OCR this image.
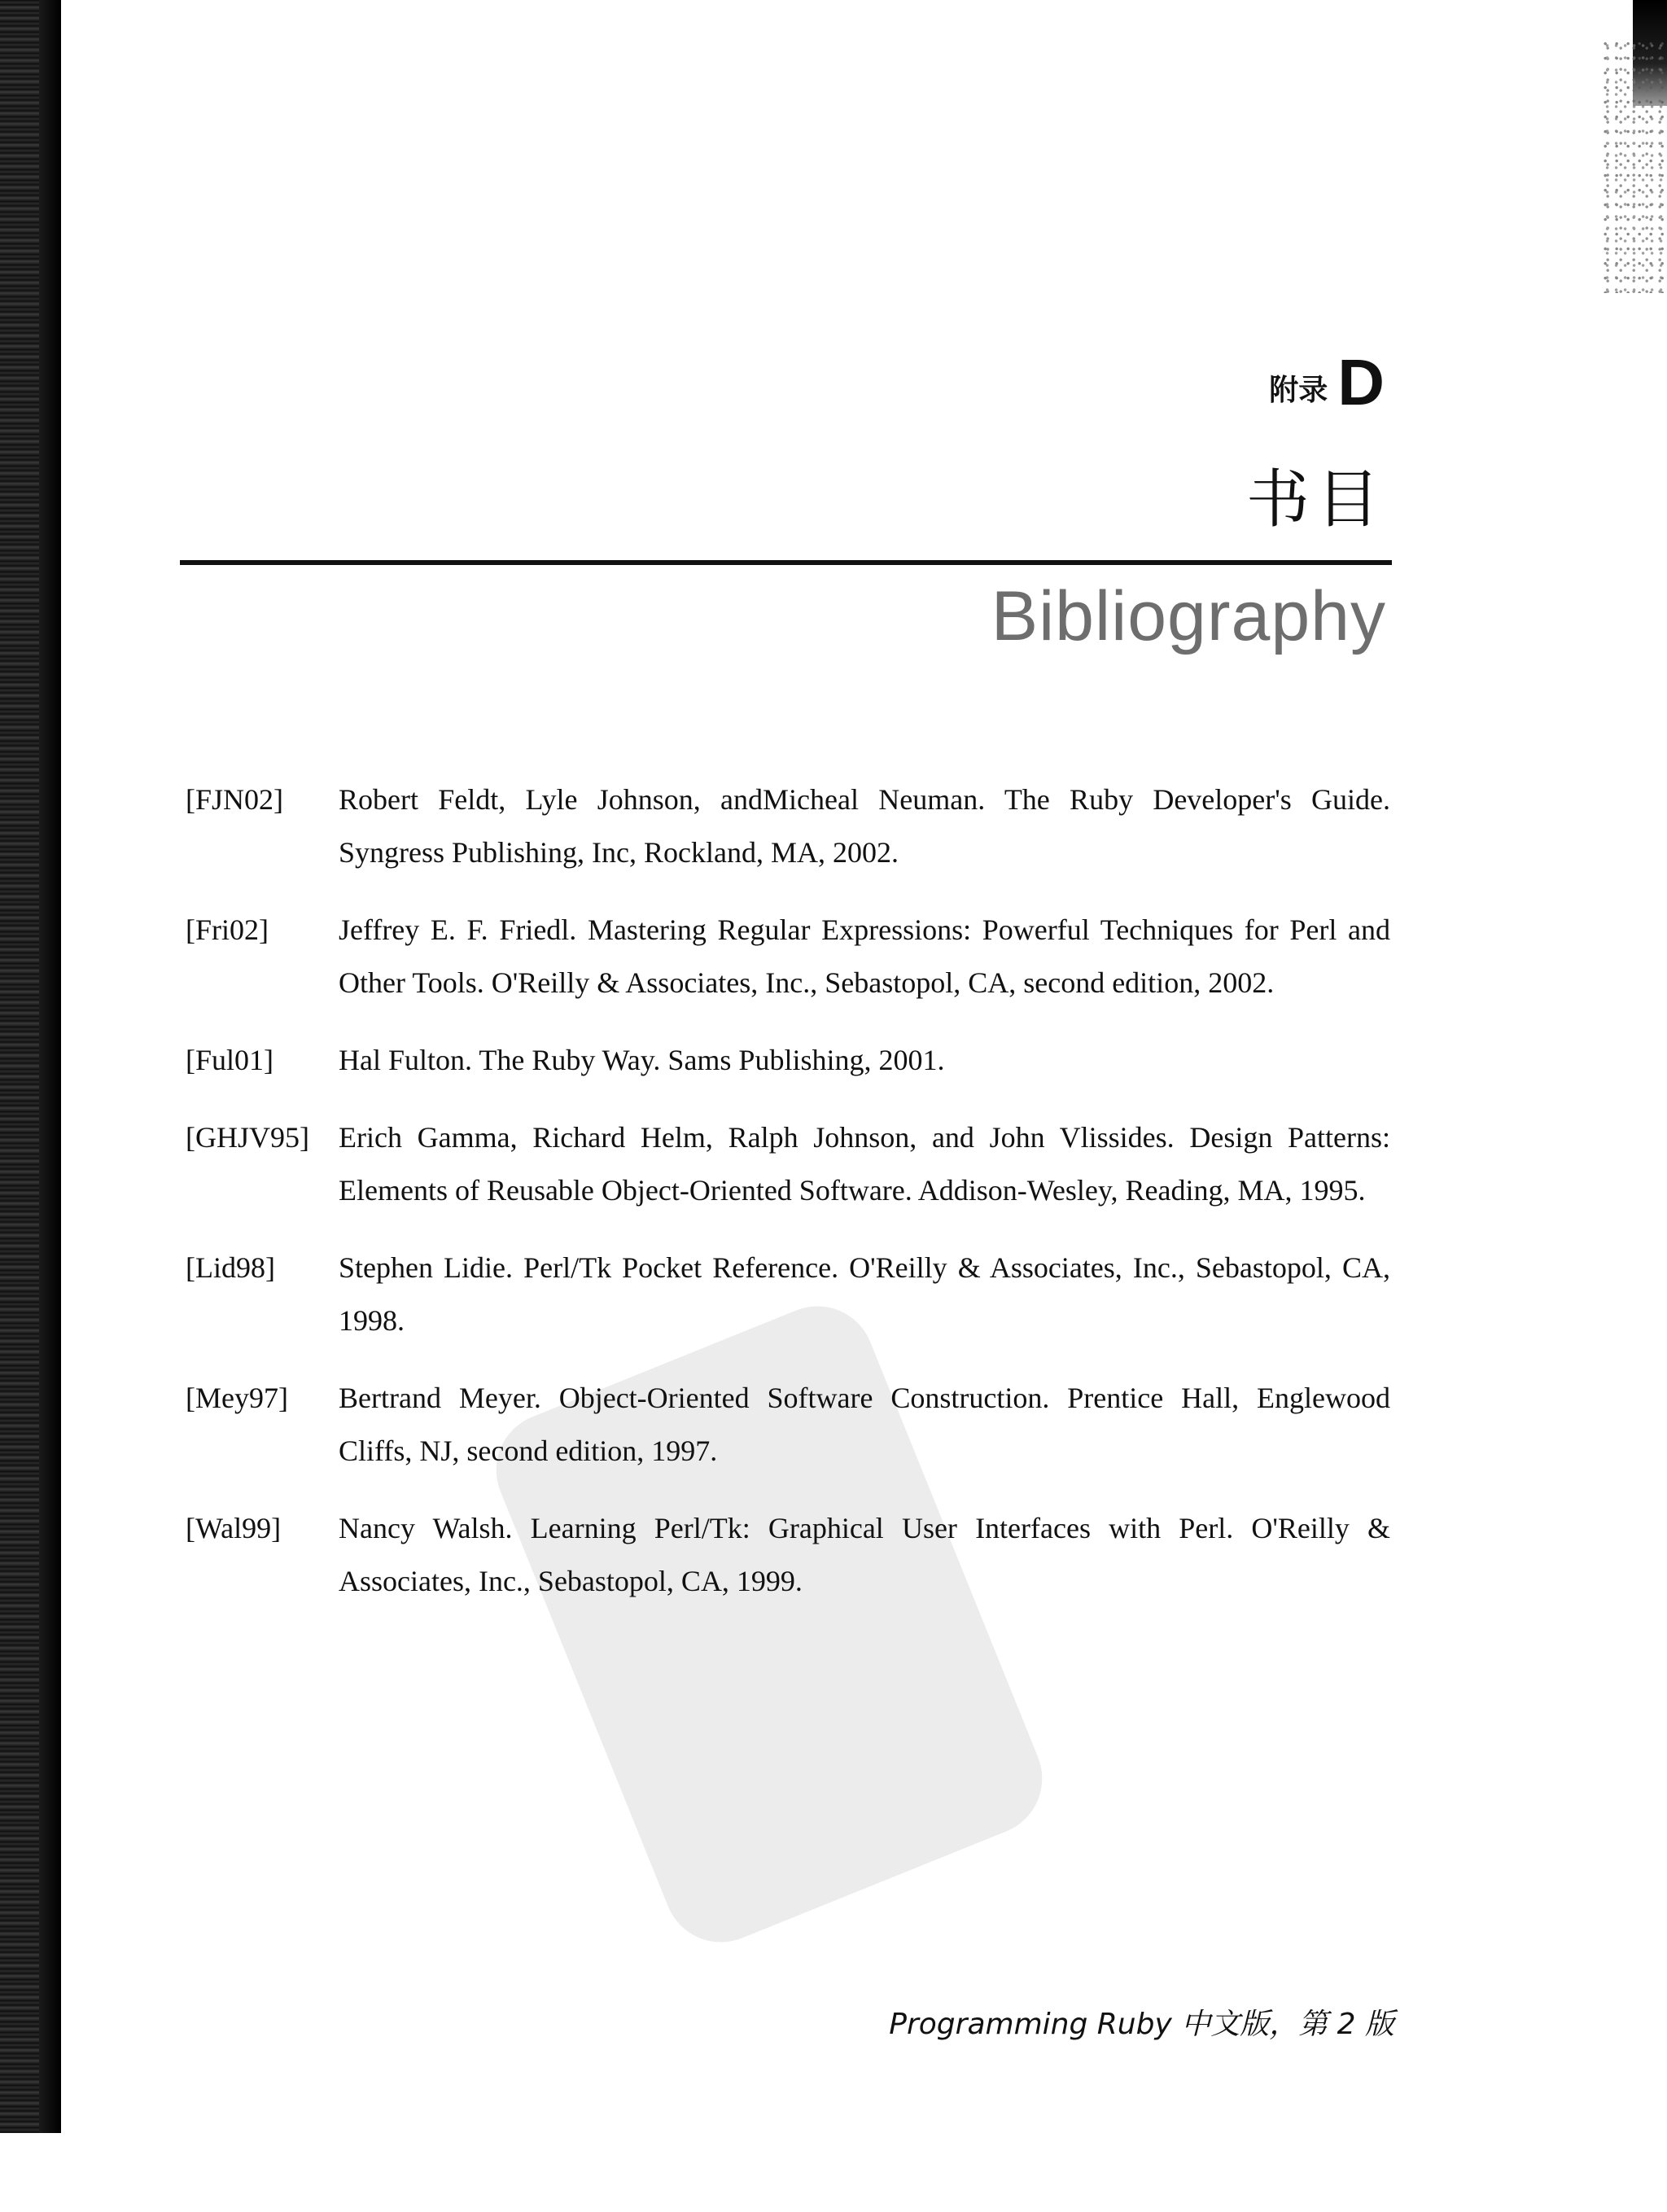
附录 D
书目
Bibliography
[FJN02]	Robert Feldt, Lyle Johnson, andMicheal Neuman. The Ruby Developer's Guide. Syngress Publishing, Inc, Rockland, MA, 2002.
[Fri02]	Jeffrey E. F. Friedl. Mastering Regular Expressions: Powerful Techniques for Perl and Other Tools. O'Reilly & Associates, Inc., Sebastopol, CA, second edition, 2002.
[Ful01]	Hal Fulton. The Ruby Way. Sams Publishing, 2001.
[GHJV95]	Erich Gamma, Richard Helm, Ralph Johnson, and John Vlissides. Design Patterns: Elements of Reusable Object-Oriented Software. Addison-Wesley, Reading, MA, 1995.
[Lid98]	Stephen Lidie. Perl/Tk Pocket Reference. O'Reilly & Associates, Inc., Sebastopol, CA, 1998.
[Mey97]	Bertrand Meyer. Object-Oriented Software Construction. Prentice Hall, Englewood Cliffs, NJ, second edition, 1997.
[Wal99]	Nancy Walsh. Learning Perl/Tk: Graphical User Interfaces with Perl. O'Reilly & Associates, Inc., Sebastopol, CA, 1999.
Programming Ruby 中文版，第 2 版
